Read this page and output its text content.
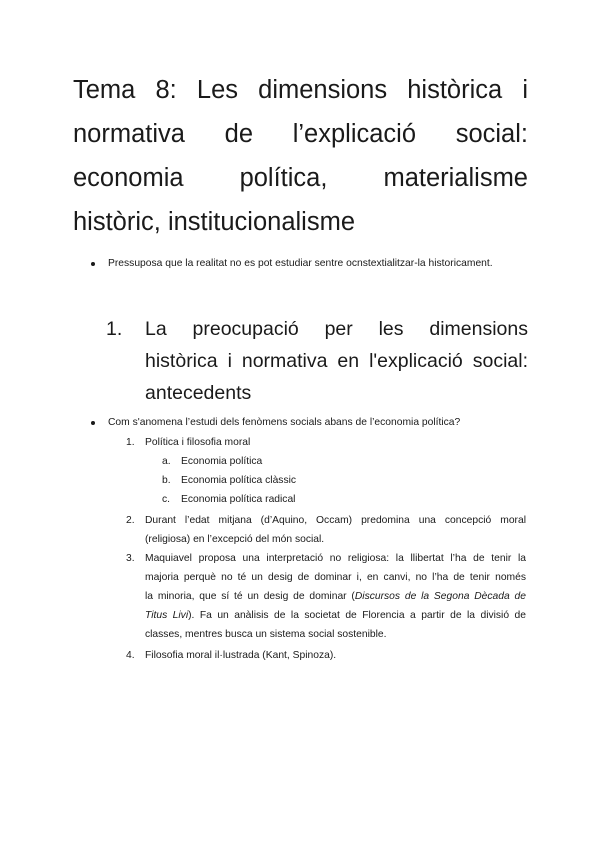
Tema 8: Les dimensions històrica i
normativa de l’explicació social:
economia política, materialisme
històric, institucionalisme
Pressuposa que la realitat no es pot estudiar sentre ocnstextialitzar-la historicament.
1. La preocupació per les dimensions
històrica i normativa en l'explicació social:
antecedents
Com s'anomena l’estudi dels fenòmens socials abans de l’economia política?
1. Política i filosofia moral
a. Economia política
b. Economia política clàssic
c. Economia política radical
2. Durant l’edat mitjana (d’Aquino, Occam) predomina una concepció moral
(religiosa) en l’excepció del món social.
3. Maquiavel proposa una interpretació no religiosa: la llibertat l’ha de tenir la
majoria perquè no té un desig de dominar i, en canvi, no l’ha de tenir només
la minoria, que sí té un desig de dominar (Discursos de la Segona Dècada de
Titus Livi). Fa un anàlisis de la societat de Florencia a partir de la divisió de
classes, mentres busca un sistema social sostenible.
4. Filosofia moral il·lustrada (Kant, Spinoza).
